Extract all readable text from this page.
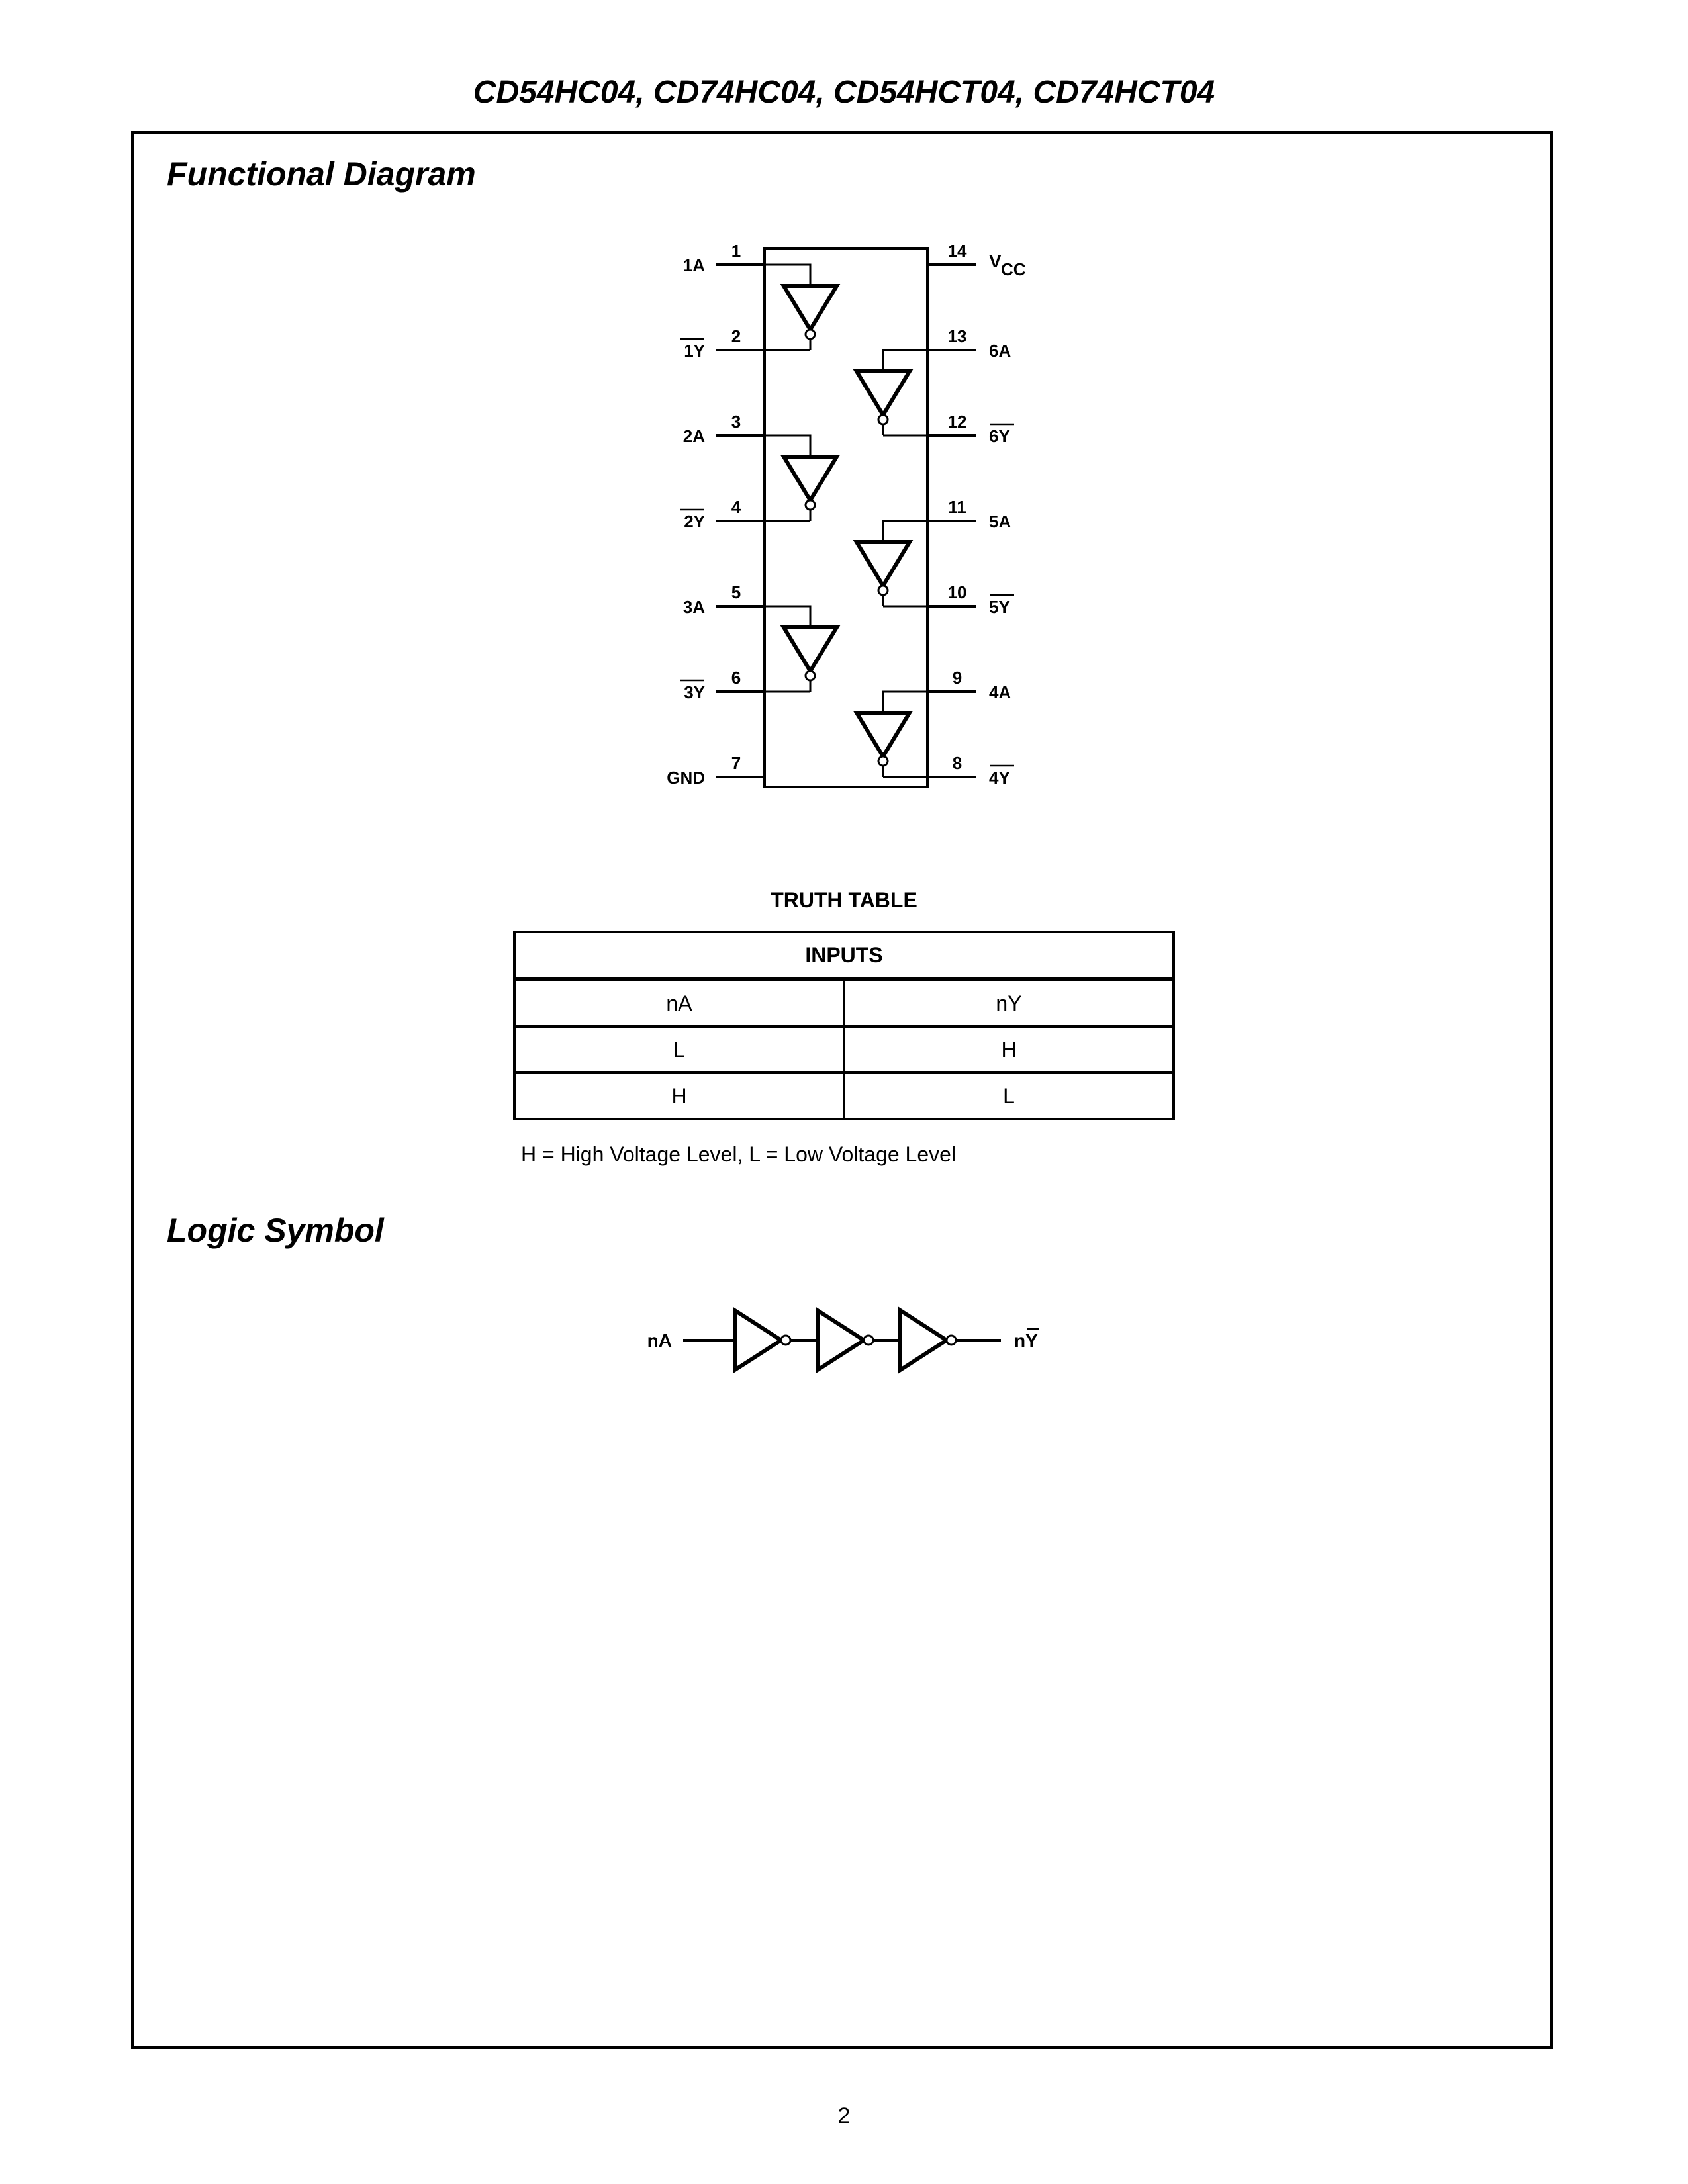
CD54HC04, CD74HC04, CD54HCT04, CD74HCT04
Functional Diagram
1
1A
2
1Y
3
2A
4
2Y
5
3A
6
3Y
7
GND
14 V CC
13
6A
12
6Y
11
5A
10
5Y
9
4A
8
4Y
TRUTH TABLE
INPUTS	
nA	nY
L	H
H	L
H = High Voltage Level, L = Low Voltage Level
Logic Symbol
nA	nY
2
